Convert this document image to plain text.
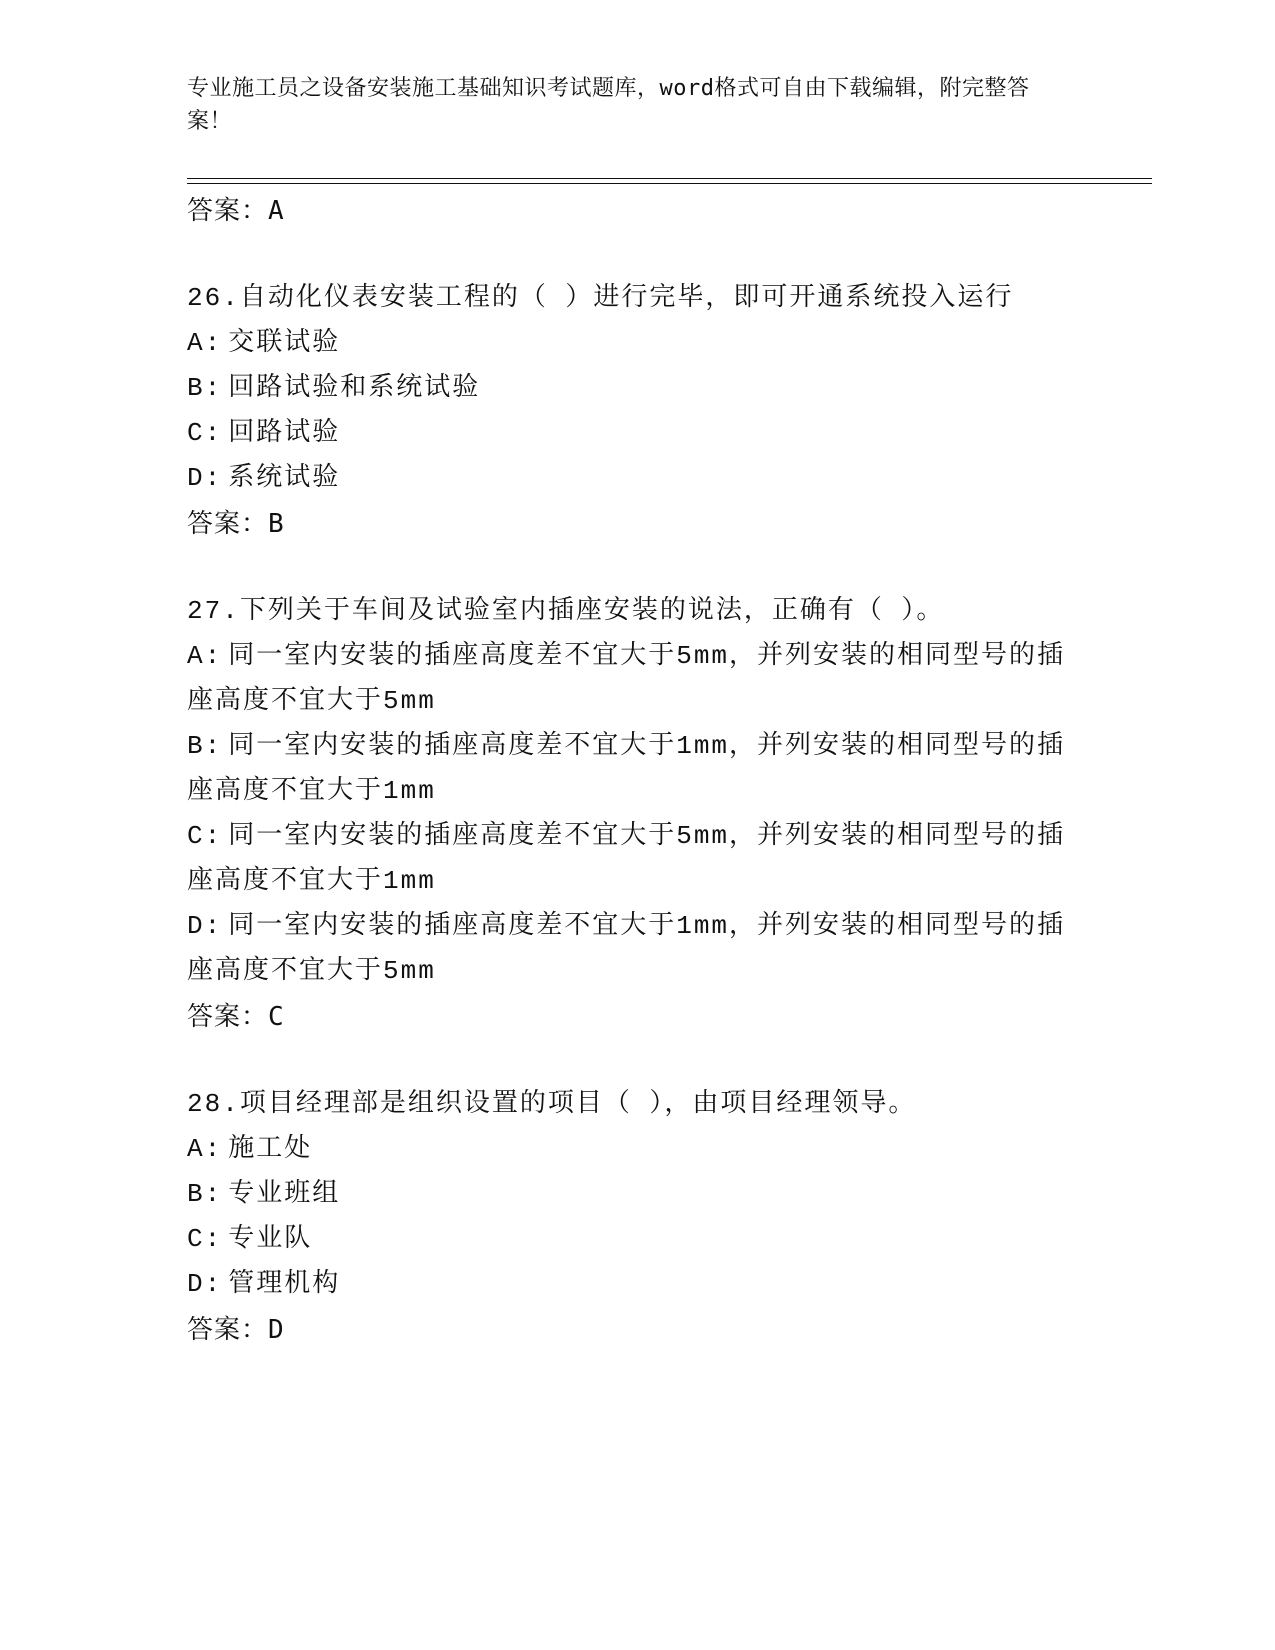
专业施工员之设备安装施工基础知识考试题库，word格式可自由下载编辑，附完整答案！
答案：A
26.自动化仪表安装工程的（ ）进行完毕，即可开通系统投入运行
A: 交联试验
B: 回路试验和系统试验
C: 回路试验
D: 系统试验
答案：B
27.下列关于车间及试验室内插座安装的说法，正确有（ ）。
A: 同一室内安装的插座高度差不宜大于5mm，并列安装的相同型号的插座高度不宜大于5mm
B: 同一室内安装的插座高度差不宜大于1mm，并列安装的相同型号的插座高度不宜大于1mm
C: 同一室内安装的插座高度差不宜大于5mm，并列安装的相同型号的插座高度不宜大于1mm
D: 同一室内安装的插座高度差不宜大于1mm，并列安装的相同型号的插座高度不宜大于5mm
答案：C
28.项目经理部是组织设置的项目（ ），由项目经理领导。
A: 施工处
B: 专业班组
C: 专业队
D: 管理机构
答案：D
